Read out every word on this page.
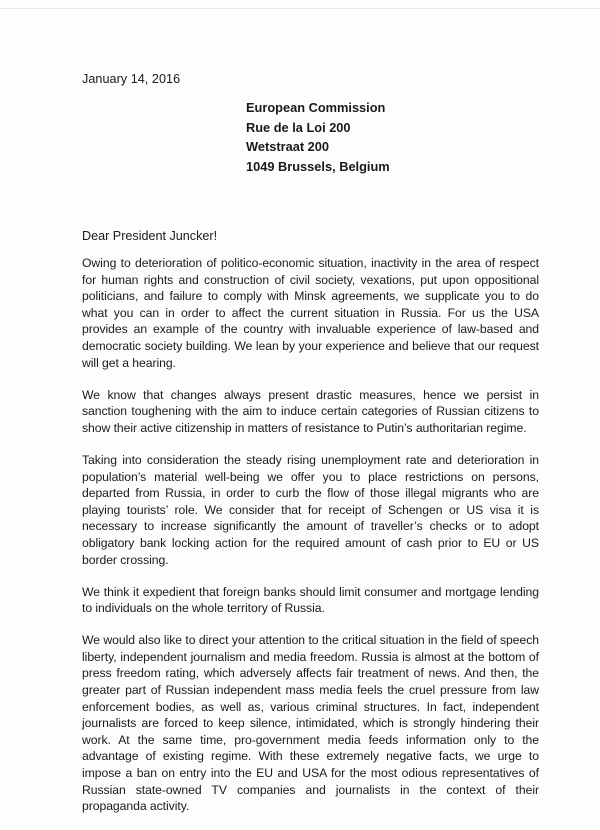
January 14, 2016
European Commission
Rue de la Loi 200
Wetstraat 200
1049 Brussels, Belgium
Dear President Juncker!

Owing to deterioration of politico-economic situation, inactivity in the area of respect for human rights and construction of civil society, vexations, put upon oppositional politicians, and failure to comply with Minsk agreements, we supplicate you to do what you can in order to affect the current situation in Russia. For us the USA provides an example of the country with invaluable experience of law-based and democratic society building. We lean by your experience and believe that our request will get a hearing.

We know that changes always present drastic measures, hence we persist in sanction toughening with the aim to induce certain categories of Russian citizens to show their active citizenship in matters of resistance to Putin’s authoritarian regime.

Taking into consideration the steady rising unemployment rate and deterioration in population’s material well-being we offer you to place restrictions on persons, departed from Russia, in order to curb the flow of those illegal migrants who are playing tourists’ role. We consider that for receipt of Schengen or US visa it is necessary to increase significantly the amount of traveller’s checks or to adopt obligatory bank locking action for the required amount of cash prior to EU or US border crossing.

We think it expedient that foreign banks should limit consumer and mortgage lending to individuals on the whole territory of Russia.

We would also like to direct your attention to the critical situation in the field of speech liberty, independent journalism and media freedom. Russia is almost at the bottom of press freedom rating, which adversely affects fair treatment of news. And then, the greater part of Russian independent mass media feels the cruel pressure from law enforcement bodies, as well as, various criminal structures. In fact, independent journalists are forced to keep silence, intimidated, which is strongly hindering their work. At the same time, pro-government media feeds information only to the advantage of existing regime. With these extremely negative facts, we urge to impose a ban on entry into the EU and USA for the most odious representatives of Russian state-owned TV companies and journalists in the context of their propaganda activity.
